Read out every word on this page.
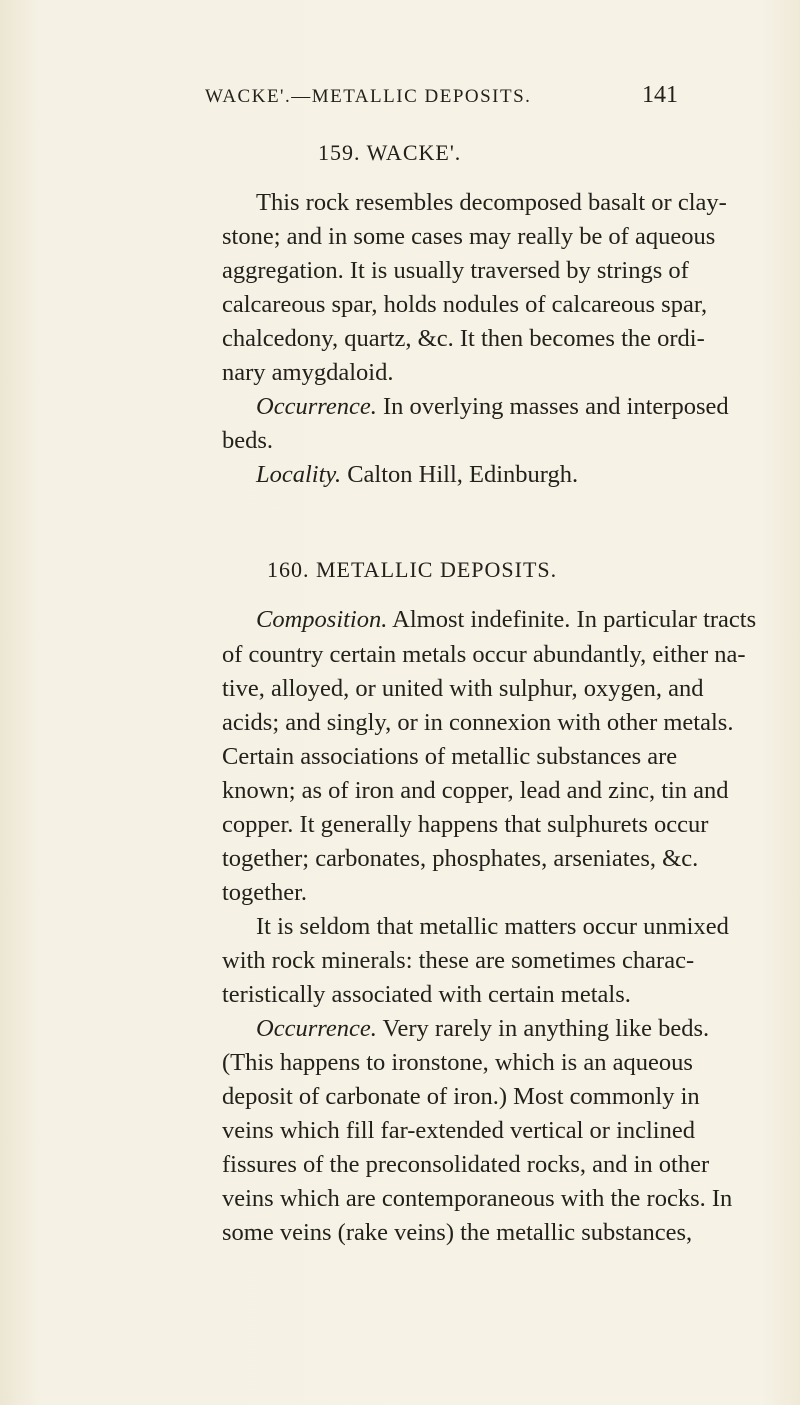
WACKE'.—METALLIC DEPOSITS.	141
159. WACKE'.
This rock resembles decomposed basalt or clay-
stone; and in some cases may really be of aqueous
aggregation. It is usually traversed by strings of
calcareous spar, holds nodules of calcareous spar,
chalcedony, quartz, &c. It then becomes the ordi-
nary amygdaloid.
Occurrence. In overlying masses and interposed
beds.
Locality. Calton Hill, Edinburgh.
160. METALLIC DEPOSITS.
Composition. Almost indefinite. In particular tracts
of country certain metals occur abundantly, either na-
tive, alloyed, or united with sulphur, oxygen, and
acids; and singly, or in connexion with other metals.
Certain associations of metallic substances are
known; as of iron and copper, lead and zinc, tin and
copper. It generally happens that sulphurets occur
together; carbonates, phosphates, arseniates, &c.
together.
It is seldom that metallic matters occur unmixed
with rock minerals: these are sometimes charac-
teristically associated with certain metals.
Occurrence. Very rarely in anything like beds.
(This happens to ironstone, which is an aqueous
deposit of carbonate of iron.) Most commonly in
veins which fill far-extended vertical or inclined
fissures of the preconsolidated rocks, and in other
veins which are contemporaneous with the rocks. In
some veins (rake veins) the metallic substances,
